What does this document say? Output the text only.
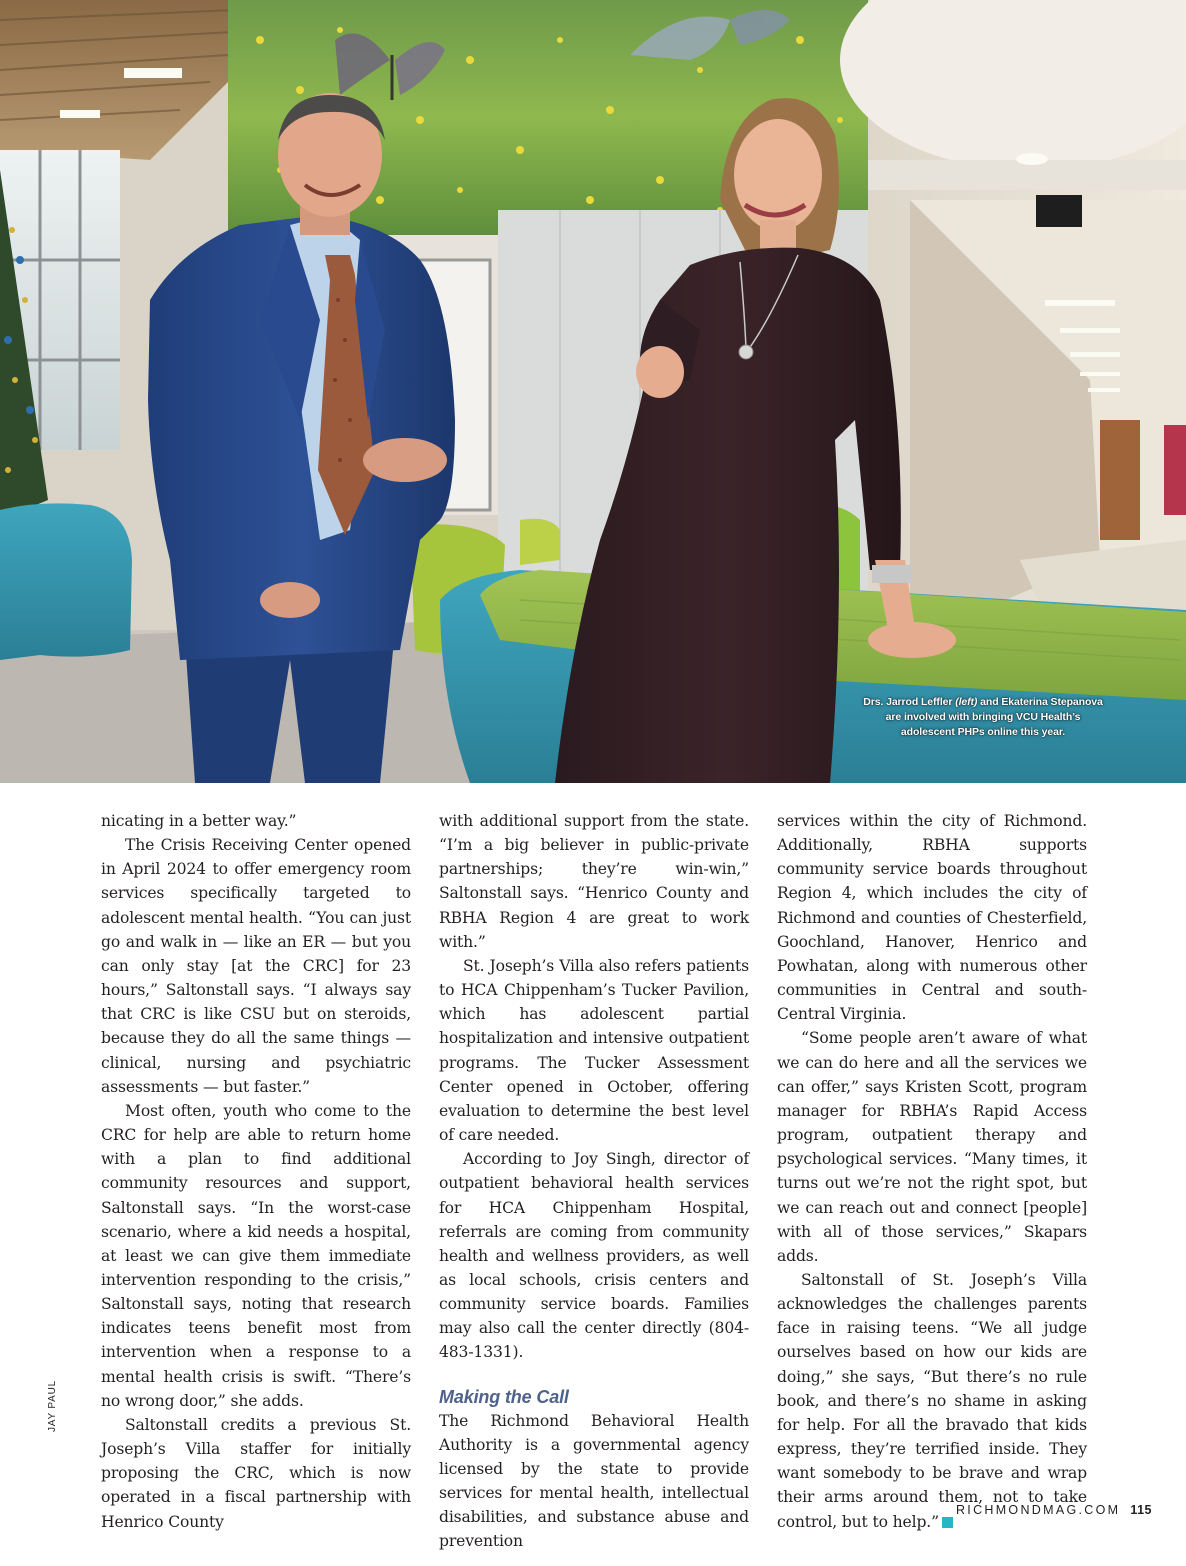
Drs. Jarrod Leffler (left) and Ekaterina Stepanova are involved with bringing VCU Health’s adolescent PHPs online this year.

nicating in a better way.”

The Crisis Receiving Center opened in April 2024 to offer emergency room services specifically targeted to adolescent mental health. “You can just go and walk in — like an ER — but you can only stay [at the CRC] for 23 hours,” Saltonstall says. “I always say that CRC is like CSU but on steroids, because they do all the same things — clinical, nursing and psychiatric assessments — but faster.”

Most often, youth who come to the CRC for help are able to return home with a plan to find additional community resources and support, Saltonstall says. “In the worst-case scenario, where a kid needs a hospital, at least we can give them immediate intervention responding to the crisis,” Saltonstall says, noting that research indicates teens benefit most from intervention when a response to a mental health crisis is swift. “There’s no wrong door,” she adds.

Saltonstall credits a previous St. Joseph’s Villa staffer for initially proposing the CRC, which is now operated in a fiscal partnership with Henrico County

with additional support from the state. “I’m a big believer in public-private partnerships; they’re win-win,” Saltonstall says. “Henrico County and RBHA Region 4 are great to work with.”

St. Joseph’s Villa also refers patients to HCA Chippenham’s Tucker Pavilion, which has adolescent partial hospitalization and intensive outpatient programs. The Tucker Assessment Center opened in October, offering evaluation to determine the best level of care needed.

According to Joy Singh, director of outpatient behavioral health services for HCA Chippenham Hospital, referrals are coming from community health and wellness providers, as well as local schools, crisis centers and community service boards. Families may also call the center directly (804-483-1331).

Making the Call

The Richmond Behavioral Health Authority is a governmental agency licensed by the state to provide services for mental health, intellectual disabilities, and substance abuse and prevention

services within the city of Richmond. Additionally, RBHA supports community service boards throughout Region 4, which includes the city of Richmond and counties of Chesterfield, Goochland, Hanover, Henrico and Powhatan, along with numerous other communities in Central and south-Central Virginia.

“Some people aren’t aware of what we can do here and all the services we can offer,” says Kristen Scott, program manager for RBHA’s Rapid Access program, outpatient therapy and psychological services. “Many times, it turns out we’re not the right spot, but we can reach out and connect [people] with all of those services,” Skapars adds.

Saltonstall of St. Joseph’s Villa acknowledges the challenges parents face in raising teens. “We all judge ourselves based on how our kids are doing,” she says, “But there’s no rule book, and there’s no shame in asking for help. For all the bravado that kids express, they’re terrified inside. They want somebody to be brave and wrap their arms around them, not to take control, but to help.”

JAY PAUL
RICHMONDMAG.COM 115
